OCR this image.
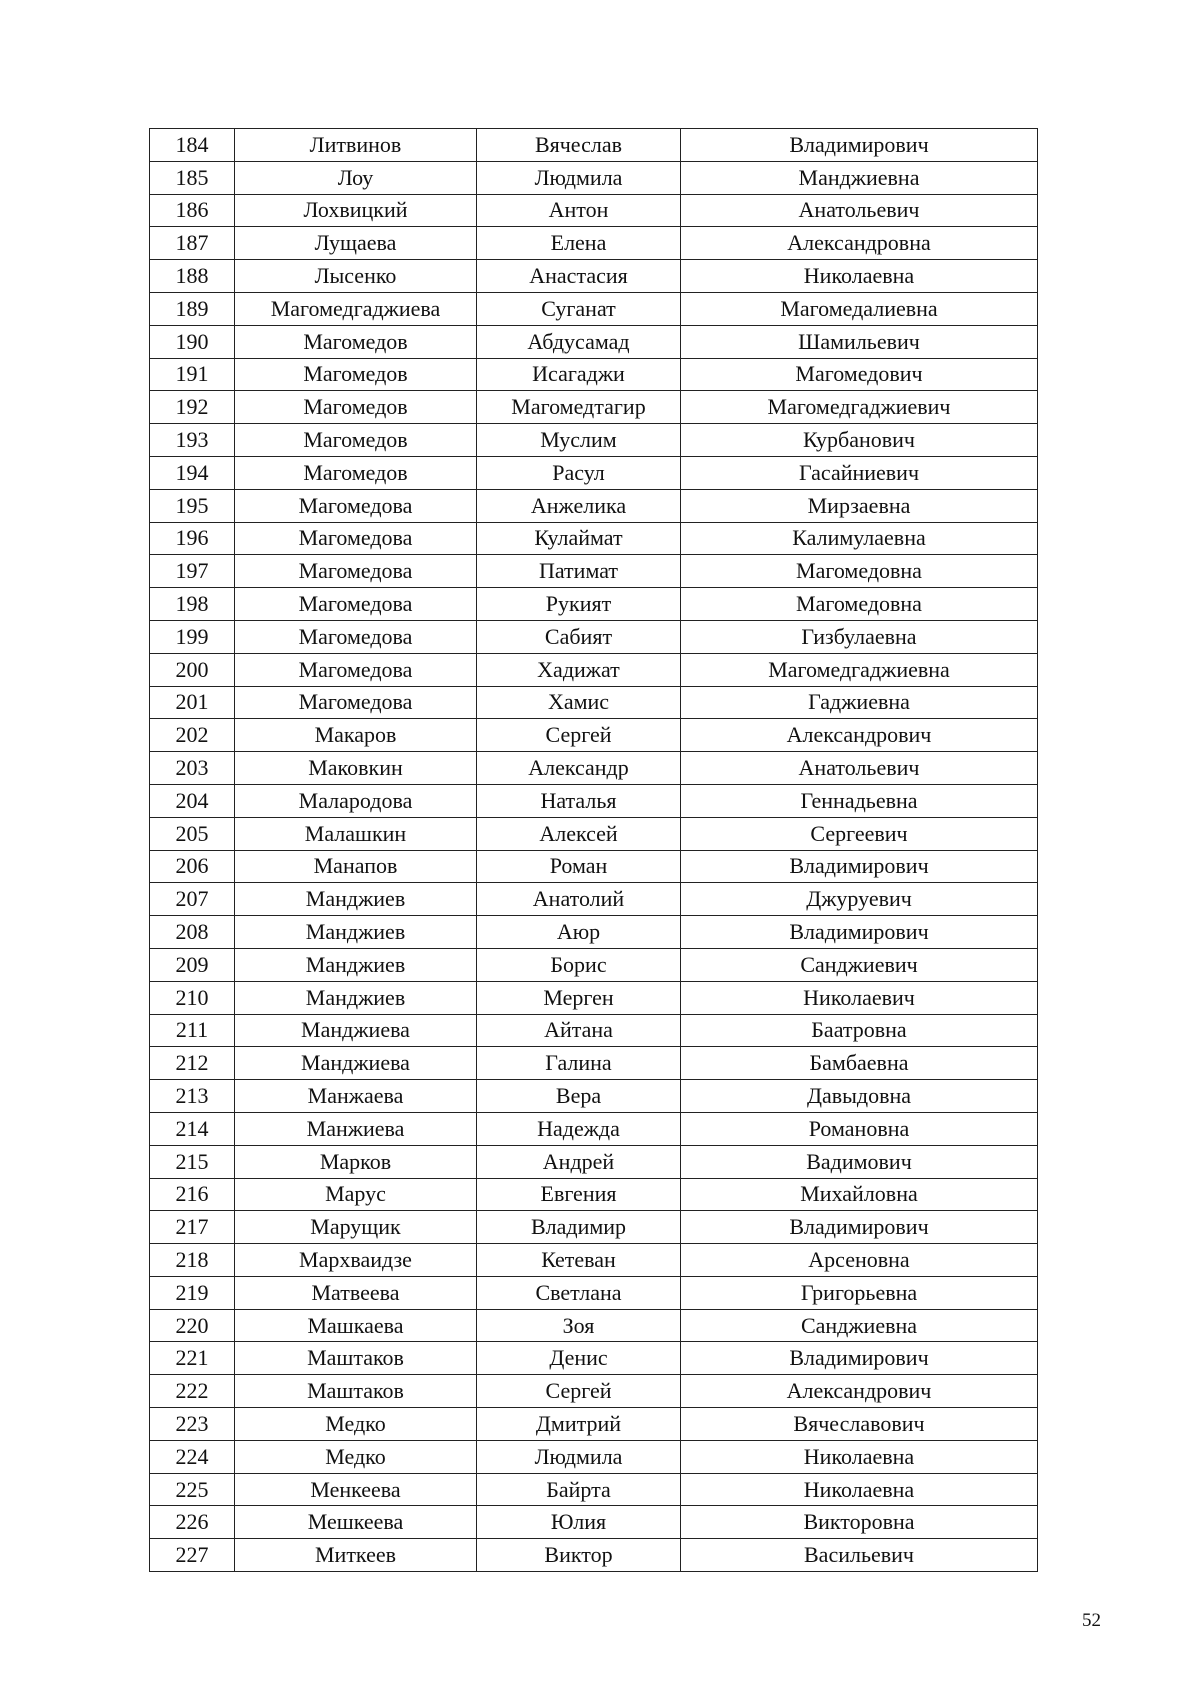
184	Литвинов	Вячеслав	Владимирович
185	Лоу	Людмила	Манджиевна
186	Лохвицкий	Антон	Анатольевич
187	Лущаева	Елена	Александровна
188	Лысенко	Анастасия	Николаевна
189	Магомедгаджиева	Суганат	Магомедалиевна
190	Магомедов	Абдусамад	Шамильевич
191	Магомедов	Исагаджи	Магомедович
192	Магомедов	Магомедтагир	Магомедгаджиевич
193	Магомедов	Муслим	Курбанович
194	Магомедов	Расул	Гасайниевич
195	Магомедова	Анжелика	Мирзаевна
196	Магомедова	Кулаймат	Калимулаевна
197	Магомедова	Патимат	Магомедовна
198	Магомедова	Рукият	Магомедовна
199	Магомедова	Сабият	Гизбулаевна
200	Магомедова	Хадижат	Магомедгаджиевна
201	Магомедова	Хамис	Гаджиевна
202	Макаров	Сергей	Александрович
203	Маковкин	Александр	Анатольевич
204	Малародова	Наталья	Геннадьевна
205	Малашкин	Алексей	Сергеевич
206	Манапов	Роман	Владимирович
207	Манджиев	Анатолий	Джуруевич
208	Манджиев	Аюр	Владимирович
209	Манджиев	Борис	Санджиевич
210	Манджиев	Мерген	Николаевич
211	Манджиева	Айтана	Баатровна
212	Манджиева	Галина	Бамбаевна
213	Манжаева	Вера	Давыдовна
214	Манжиева	Надежда	Романовна
215	Марков	Андрей	Вадимович
216	Марус	Евгения	Михайловна
217	Марущик	Владимир	Владимирович
218	Мархваидзе	Кетеван	Арсеновна
219	Матвеева	Светлана	Григорьевна
220	Машкаева	Зоя	Санджиевна
221	Маштаков	Денис	Владимирович
222	Маштаков	Сергей	Александрович
223	Медко	Дмитрий	Вячеславович
224	Медко	Людмила	Николаевна
225	Менкеева	Байрта	Николаевна
226	Мешкеева	Юлия	Викторовна
227	Миткеев	Виктор	Васильевич
52
